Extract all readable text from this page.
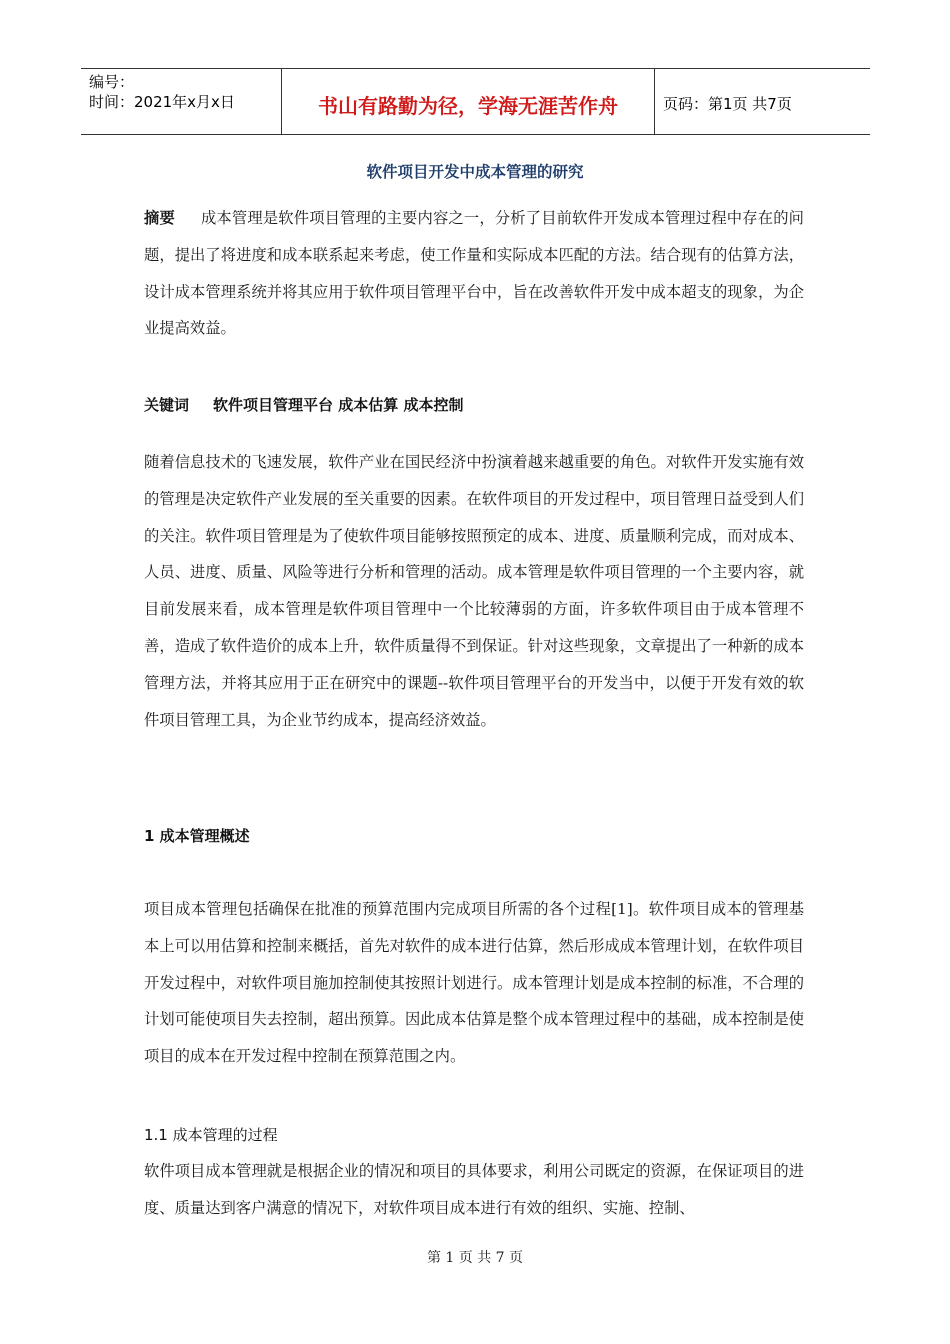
编号：
时间：2021年x月x日	书山有路勤为径，学海无涯苦作舟	页码：第1页 共7页
软件项目开发中成本管理的研究

摘要 成本管理是软件项目管理的主要内容之一，分析了目前软件开发成本管理过程中存在的问题，提出了将进度和成本联系起来考虑，使工作量和实际成本匹配的方法。结合现有的估算方法，设计成本管理系统并将其应用于软件项目管理平台中，旨在改善软件开发中成本超支的现象，为企业提高效益。

关键词 软件项目管理平台 成本估算 成本控制

随着信息技术的飞速发展，软件产业在国民经济中扮演着越来越重要的角色。对软件开发实施有效的管理是决定软件产业发展的至关重要的因素。在软件项目的开发过程中，项目管理日益受到人们的关注。软件项目管理是为了使软件项目能够按照预定的成本、进度、质量顺利完成，而对成本、人员、进度、质量、风险等进行分析和管理的活动。成本管理是软件项目管理的一个主要内容，就目前发展来看，成本管理是软件项目管理中一个比较薄弱的方面，许多软件项目由于成本管理不善，造成了软件造价的成本上升，软件质量得不到保证。针对这些现象，文章提出了一种新的成本管理方法，并将其应用于正在研究中的课题--软件项目管理平台的开发当中，以便于开发有效的软件项目管理工具，为企业节约成本，提高经济效益。

1 成本管理概述

项目成本管理包括确保在批准的预算范围内完成项目所需的各个过程[1]。软件项目成本的管理基本上可以用估算和控制来概括，首先对软件的成本进行估算，然后形成成本管理计划，在软件项目开发过程中，对软件项目施加控制使其按照计划进行。成本管理计划是成本控制的标准，不合理的计划可能使项目失去控制，超出预算。因此成本估算是整个成本管理过程中的基础，成本控制是使项目的成本在开发过程中控制在预算范围之内。

1.1 成本管理的过程

软件项目成本管理就是根据企业的情况和项目的具体要求，利用公司既定的资源，在保证项目的进度、质量达到客户满意的情况下，对软件项目成本进行有效的组织、实施、控制、

第 1 页 共 7 页
